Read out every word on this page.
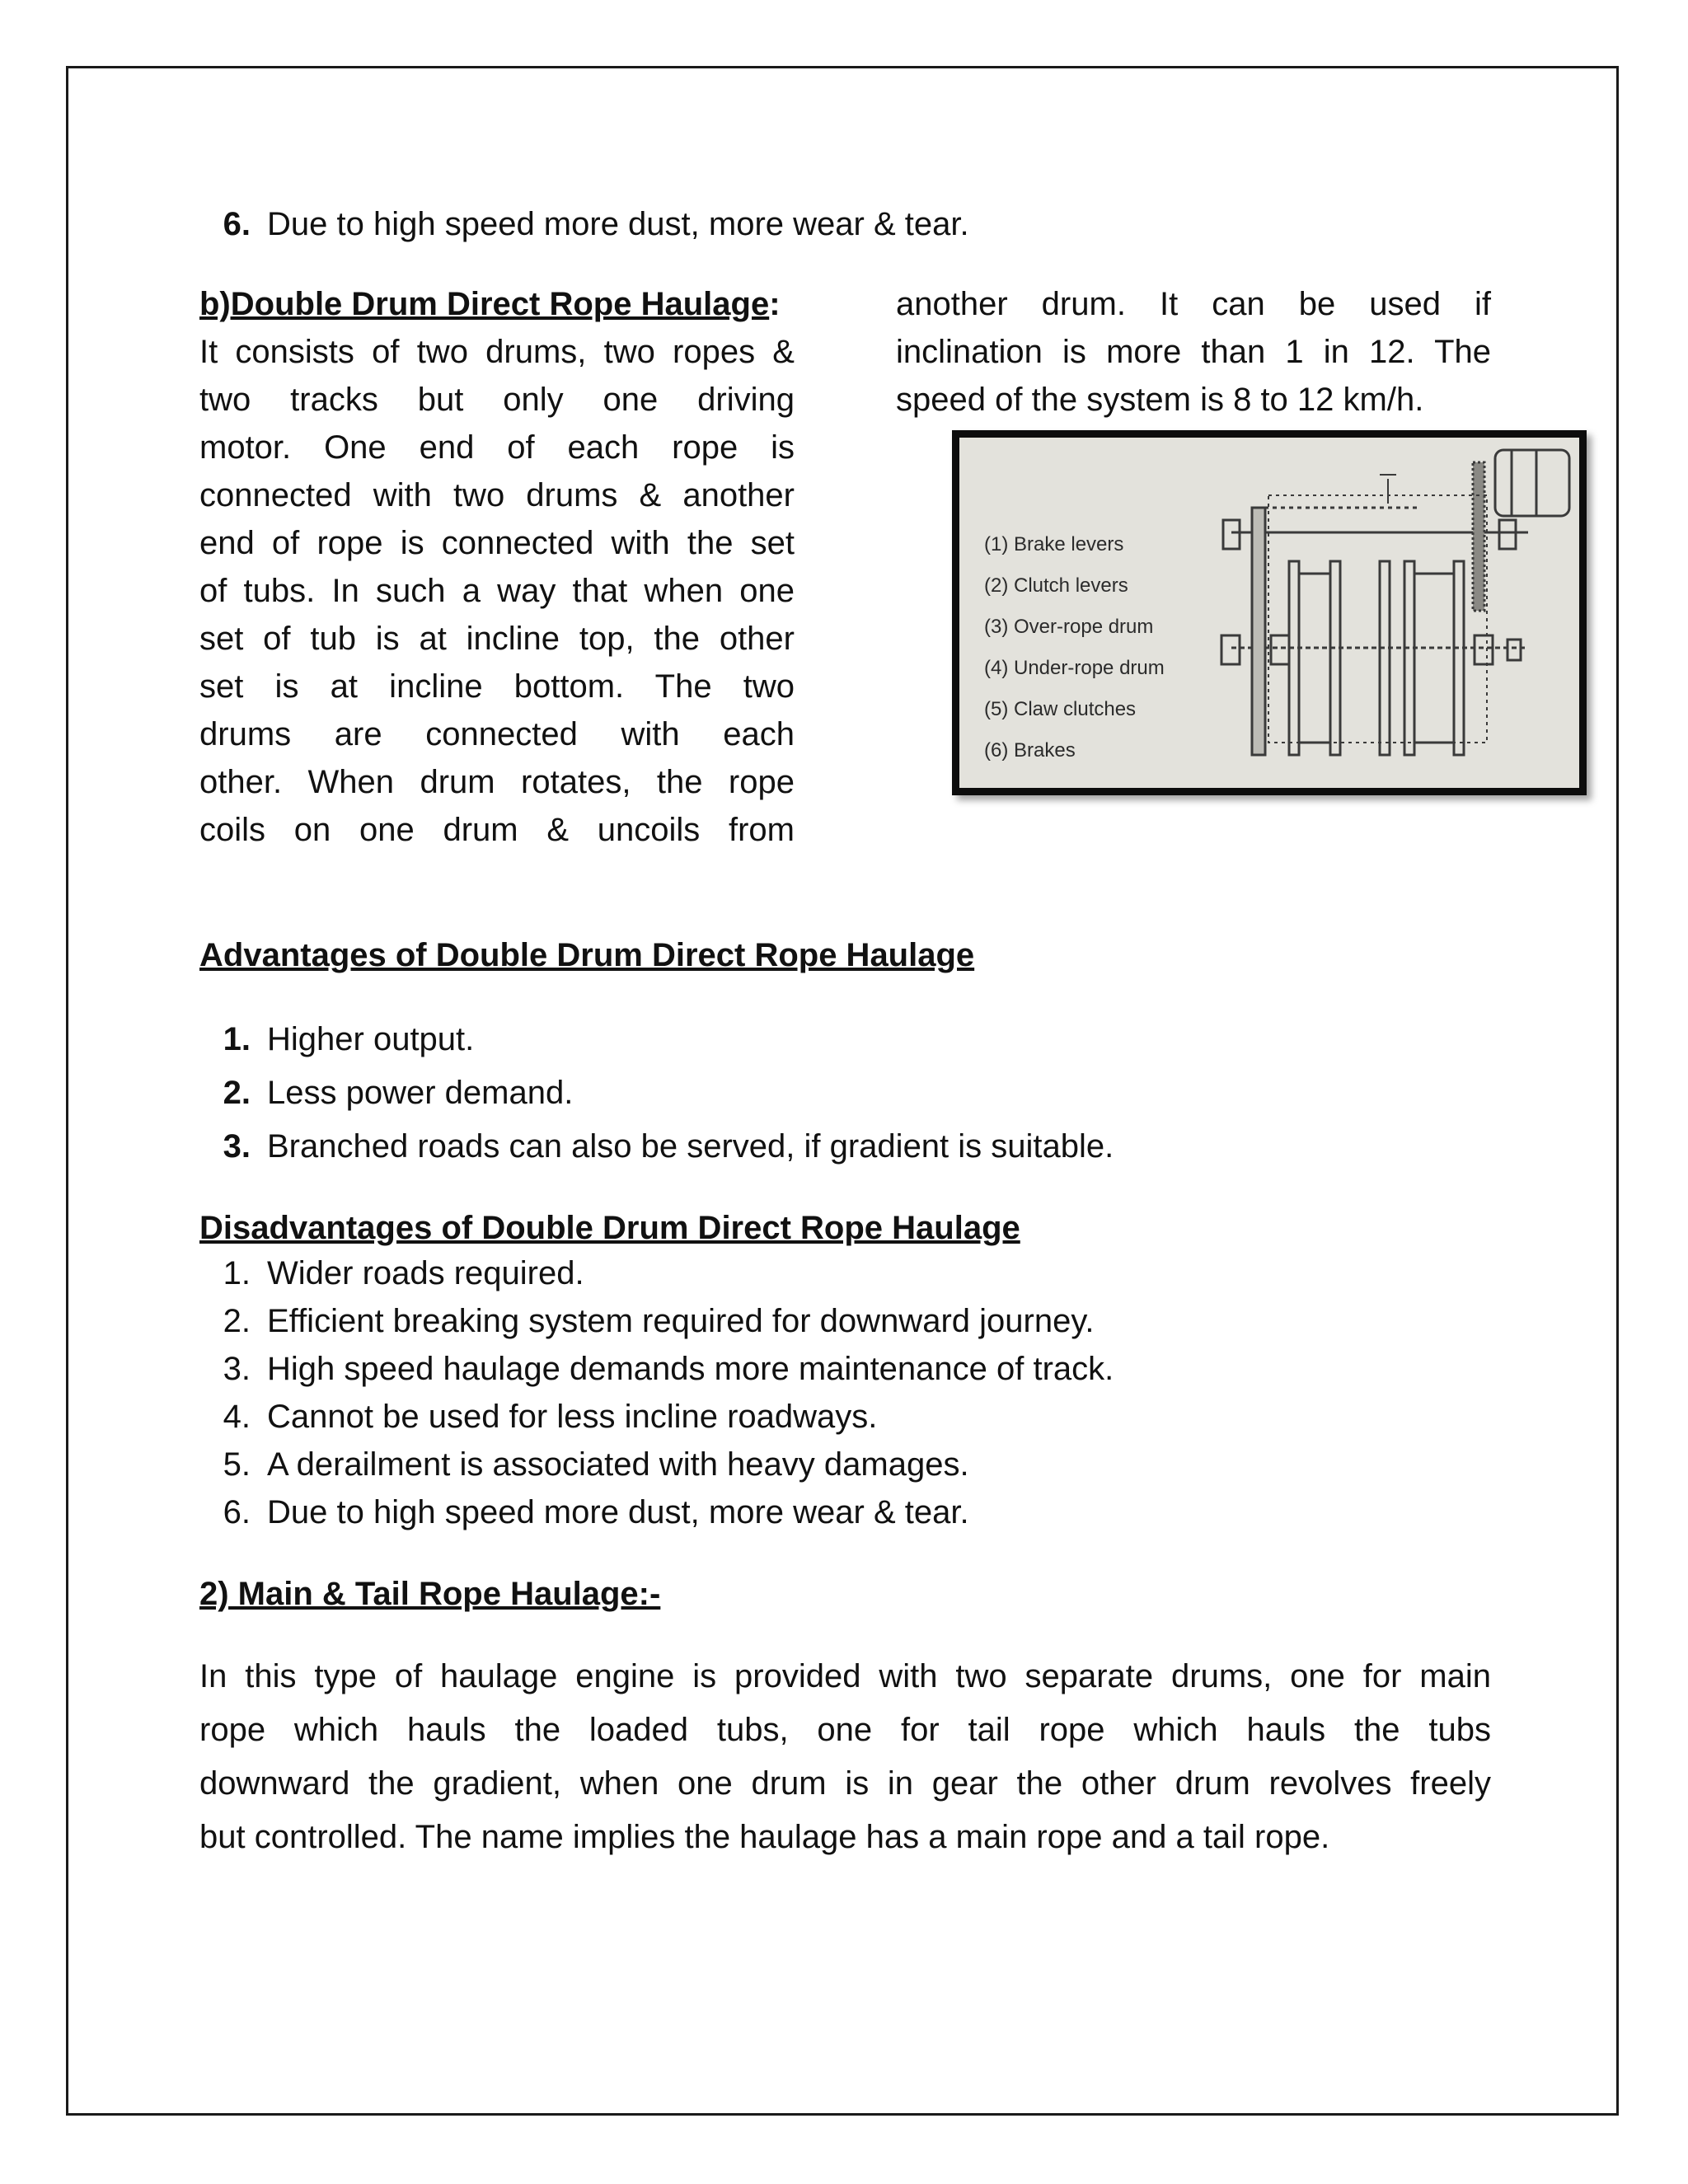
6. Due to high speed more dust, more wear & tear.
b)Double Drum Direct Rope Haulage:
It consists of two drums, two ropes &
two tracks but only one driving
motor. One end of each rope is
connected with two drums & another
end of rope is connected with the set
of tubs. In such a way that when one
set of tub is at incline top, the other
set is at incline bottom. The two
drums are connected with each
other. When drum rotates, the rope
coils on one drum & uncoils from
another drum. It can be used if
inclination is more than 1 in 12. The
speed of the system is 8 to 12 km/h.
(1) Brake levers
(2) Clutch levers
(3) Over-rope drum
(4) Under-rope drum
(5) Claw clutches
(6) Brakes
Advantages of Double Drum Direct Rope Haulage
1. Higher output.
2. Less power demand.
3. Branched roads can also be served, if gradient is suitable.
Disadvantages of Double Drum Direct Rope Haulage
1. Wider roads required.
2. Efficient breaking system required for downward journey.
3. High speed haulage demands more maintenance of track.
4. Cannot be used for less incline roadways.
5. A derailment is associated with heavy damages.
6. Due to high speed more dust, more wear & tear.
2) Main & Tail Rope Haulage:-
In this type of haulage engine is provided with two separate drums, one for main
rope which hauls the loaded tubs, one for tail rope which hauls the tubs
downward the gradient, when one drum is in gear the other drum revolves freely
but controlled. The name implies the haulage has a main rope and a tail rope.
